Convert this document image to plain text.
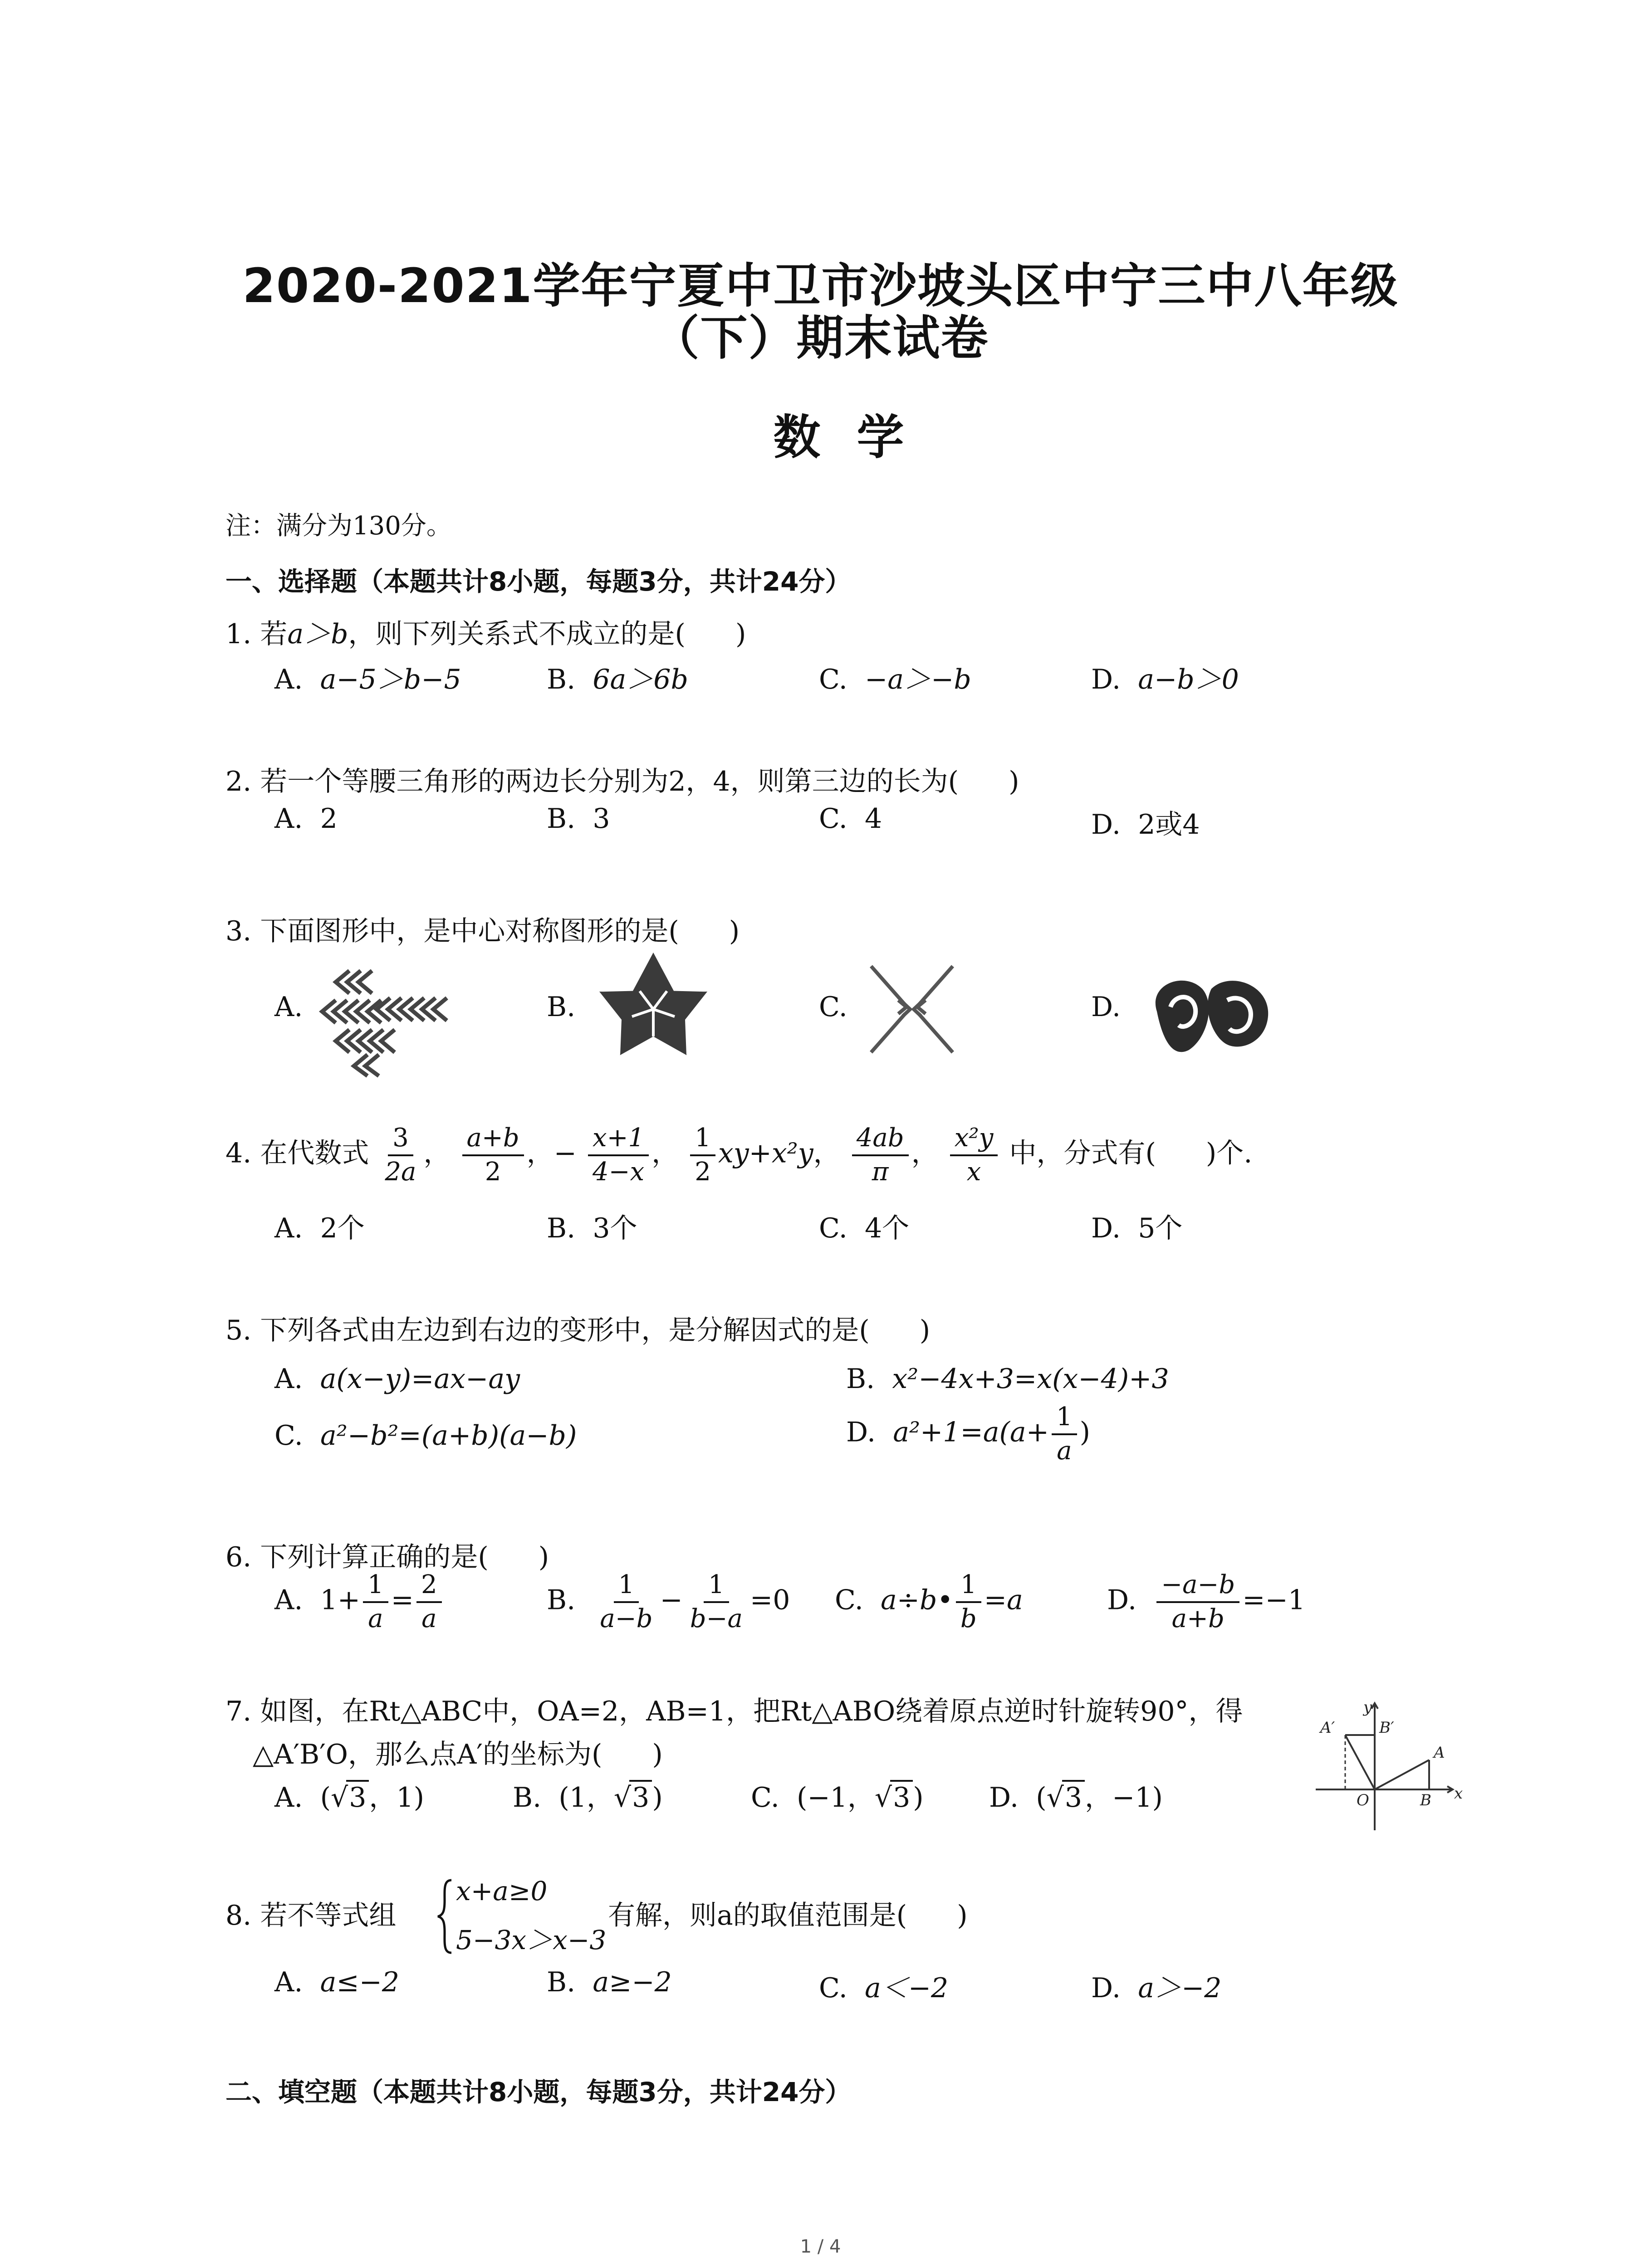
2020-2021学年宁夏中卫市沙坡头区中宁三中八年级
（下）期末试卷
数学
注：满分为130分。
一、选择题（本题共计8小题，每题3分，共计24分）
1. 若a＞b，则下列关系式不成立的是( )
A. a−5＞b−5	B. 6a＞6b	C. −a＞−b	D. a−b＞0
2. 若一个等腰三角形的两边长分别为2，4，则第三边的长为( )
A. 2	B. 3	C. 4	D. 2或4
3. 下面图形中，是中心对称图形的是( )
A.	B.	C.	D.
4. 在代数式 $\frac{3}{2a}$ ， $\frac{a+b}{2}$ ，− $\frac{x+1}{4-x}$ ， $\frac{1}{2} xy+x^2y$， $\frac{4ab}{\pi}$ ， $\frac{\text{x²y}}{x}$ 中，分式有( )个.
A. 2个	B. 3个	C. 4个	D. 5个
5. 下列各式由左边到右边的变形中，是分解因式的是( )
A. a(x−y)=ax−ay	B. x²−4x+3=x(x−4)+3
C. a²−b²=(a+b)(a−b)	D. $a^2+1=a(a+ \frac{1}{a}$ )
6. 下列计算正确的是( )
A. $1+ \frac{1}{a} = \frac{2}{a}$	B. $\frac{1}{a-b} - \frac{1}{b-a} =0$ C. a÷b• $\frac{1}{b} =a$	D. $\frac{-a-b}{a+b} =-1$
7. 如图，在Rt△ABC中，OA=2，AB=1，把Rt△ABO绕着原点逆时针旋转90°，得
△A′B′O，那么点A′的坐标为( )
A. (√3 ，1)	B. (1，√3 )	C. (−1，√3 ) D. (√3 ，−1)
A′
y
B′
A
O	B x
8. 若不等式组
x+a≥0
5−3x＞x−3
有解，则a的取值范围是( )
A. a≤−2	B. a≥−2	C. a＜−2	D. a＞−2
二、填空题（本题共计8小题，每题3分，共计24分）
1 / 4
